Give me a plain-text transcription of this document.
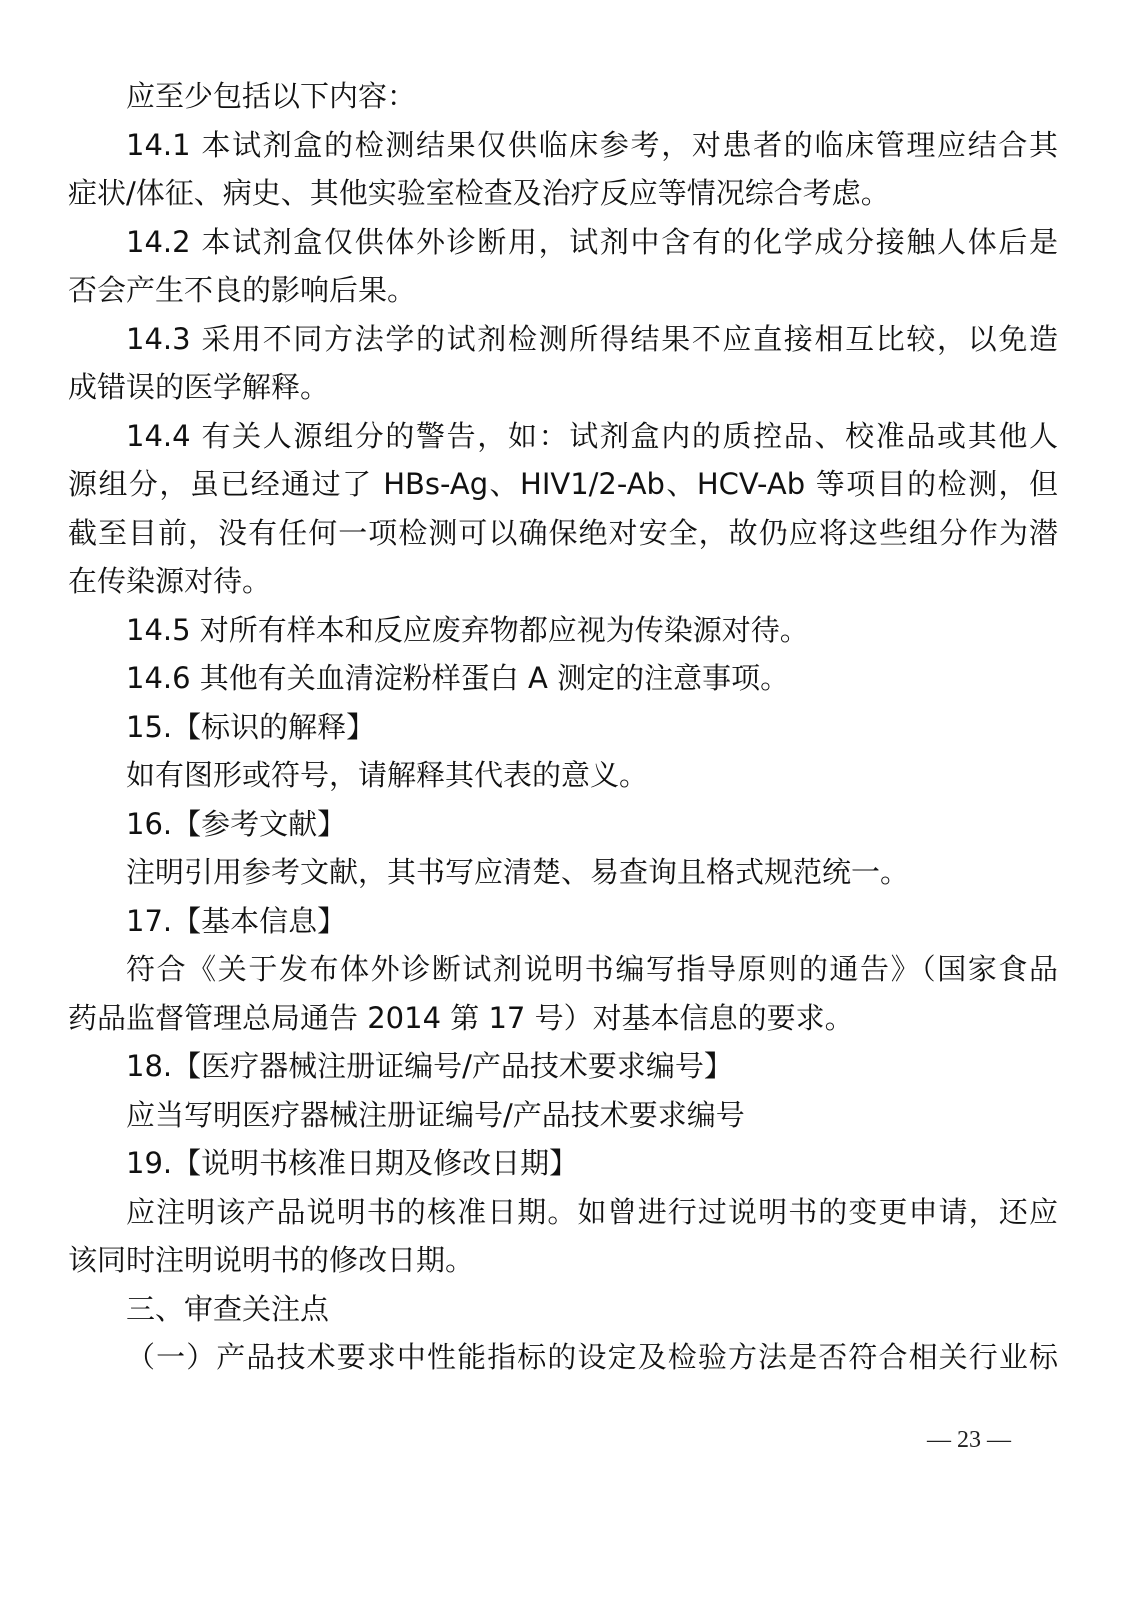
应至少包括以下内容：

14.1 本试剂盒的检测结果仅供临床参考，对患者的临床管理应结合其

症状/体征、病史、其他实验室检查及治疗反应等情况综合考虑。

14.2 本试剂盒仅供体外诊断用，试剂中含有的化学成分接触人体后是

否会产生不良的影响后果。

14.3 采用不同方法学的试剂检测所得结果不应直接相互比较，以免造

成错误的医学解释。

14.4 有关人源组分的警告，如：试剂盒内的质控品、校准品或其他人

源组分，虽已经通过了 HBs-Ag、HIV1/2-Ab、HCV-Ab 等项目的检测，但

截至目前，没有任何一项检测可以确保绝对安全，故仍应将这些组分作为潜

在传染源对待。

14.5 对所有样本和反应废弃物都应视为传染源对待。

14.6 其他有关血清淀粉样蛋白 A 测定的注意事项。

15.【标识的解释】

如有图形或符号，请解释其代表的意义。

16.【参考文献】

注明引用参考文献，其书写应清楚、易查询且格式规范统一。

17.【基本信息】

符合《关于发布体外诊断试剂说明书编写指导原则的通告》（国家食品

药品监督管理总局通告 2014 第 17 号）对基本信息的要求。

18.【医疗器械注册证编号/产品技术要求编号】

应当写明医疗器械注册证编号/产品技术要求编号

19.【说明书核准日期及修改日期】

应注明该产品说明书的核准日期。如曾进行过说明书的变更申请，还应

该同时注明说明书的修改日期。

三、审查关注点

（一）产品技术要求中性能指标的设定及检验方法是否符合相关行业标

— 23 —
